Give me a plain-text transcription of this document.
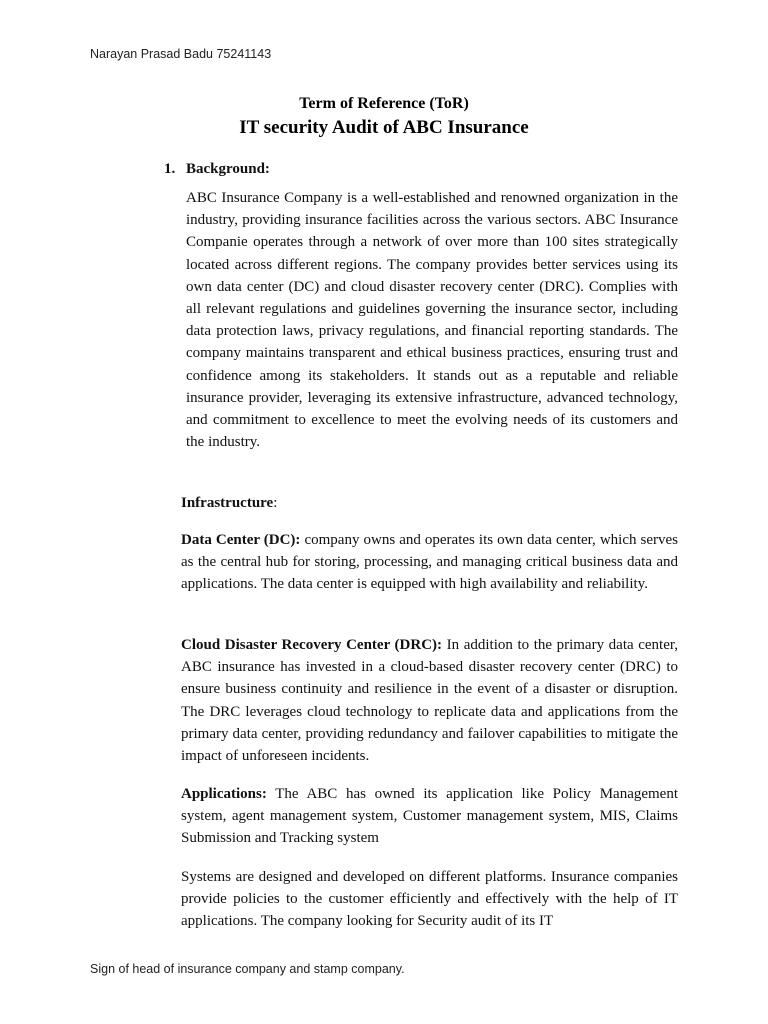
Narayan Prasad Badu 75241143

Term of Reference (ToR)

IT security Audit of ABC Insurance

1. Background:

ABC Insurance Company is a well-established and renowned organization in the industry, providing insurance facilities across the various sectors. ABC Insurance Companie operates through a network of over more than 100 sites strategically located across different regions. The company provides better services using its own data center (DC) and cloud disaster recovery center (DRC). Complies with all relevant regulations and guidelines governing the insurance sector, including data protection laws, privacy regulations, and financial reporting standards. The company maintains transparent and ethical business practices, ensuring trust and confidence among its stakeholders. It stands out as a reputable and reliable insurance provider, leveraging its extensive infrastructure, advanced technology, and commitment to excellence to meet the evolving needs of its customers and the industry.

Infrastructure:

Data Center (DC): company owns and operates its own data center, which serves as the central hub for storing, processing, and managing critical business data and applications. The data center is equipped with high availability and reliability.

Cloud Disaster Recovery Center (DRC): In addition to the primary data center, ABC insurance has invested in a cloud-based disaster recovery center (DRC) to ensure business continuity and resilience in the event of a disaster or disruption. The DRC leverages cloud technology to replicate data and applications from the primary data center, providing redundancy and failover capabilities to mitigate the impact of unforeseen incidents.

Applications: The ABC has owned its application like Policy Management system, agent management system, Customer management system, MIS, Claims Submission and Tracking system

Systems are designed and developed on different platforms. Insurance companies provide policies to the customer efficiently and effectively with the help of IT applications. The company looking for Security audit of its IT

Sign of head of insurance company and stamp company.
